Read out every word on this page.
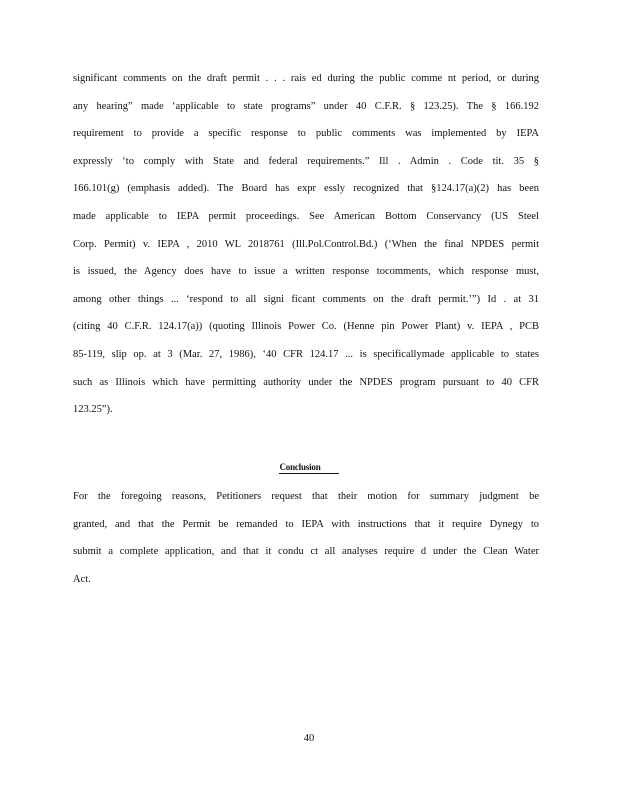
significant comments on the draft permit . . . rais ed during the public comme nt period, or during
any hearing” made ‘applicable to state programs” under 40 C.F.R. § 123.25). The § 166.192
requirement to provide a specific response to public comments was implemented by IEPA
expressly ‘to comply with State and federal requirements.” Ill . Admin . Code tit. 35 §
166.101(g) (emphasis added). The Board has expr essly recognized that §124.17(a)(2) has been
made applicable to IEPA permit proceedings. See American Bottom Conservancy (US Steel
Corp. Permit) v. IEPA , 2010 WL 2018761 (Ill.Pol.Control.Bd.) (‘When the final NPDES permit
is issued, the Agency does have to issue a written response tocomments, which response must,
among other things ... ‘respond to all signi ficant comments on the draft permit.’”) Id . at 31
(citing 40 C.F.R. 124.17(a)) (quoting Illinois Power Co. (Henne pin Power Plant) v. IEPA , PCB
85-119, slip op. at 3 (Mar. 27, 1986), ‘40 CFR 124.17 ... is specificallymade applicable to states
such as Illinois which have permitting authority under the NPDES program pursuant to 40 CFR
123.25”).
Conclusion
For the foregoing reasons, Petitioners request that their motion for summary judgment be
granted, and that the Permit be remanded to IEPA with instructions that it require Dynegy to
submit a complete application, and that it condu ct all analyses require d under the Clean Water
Act.
40
